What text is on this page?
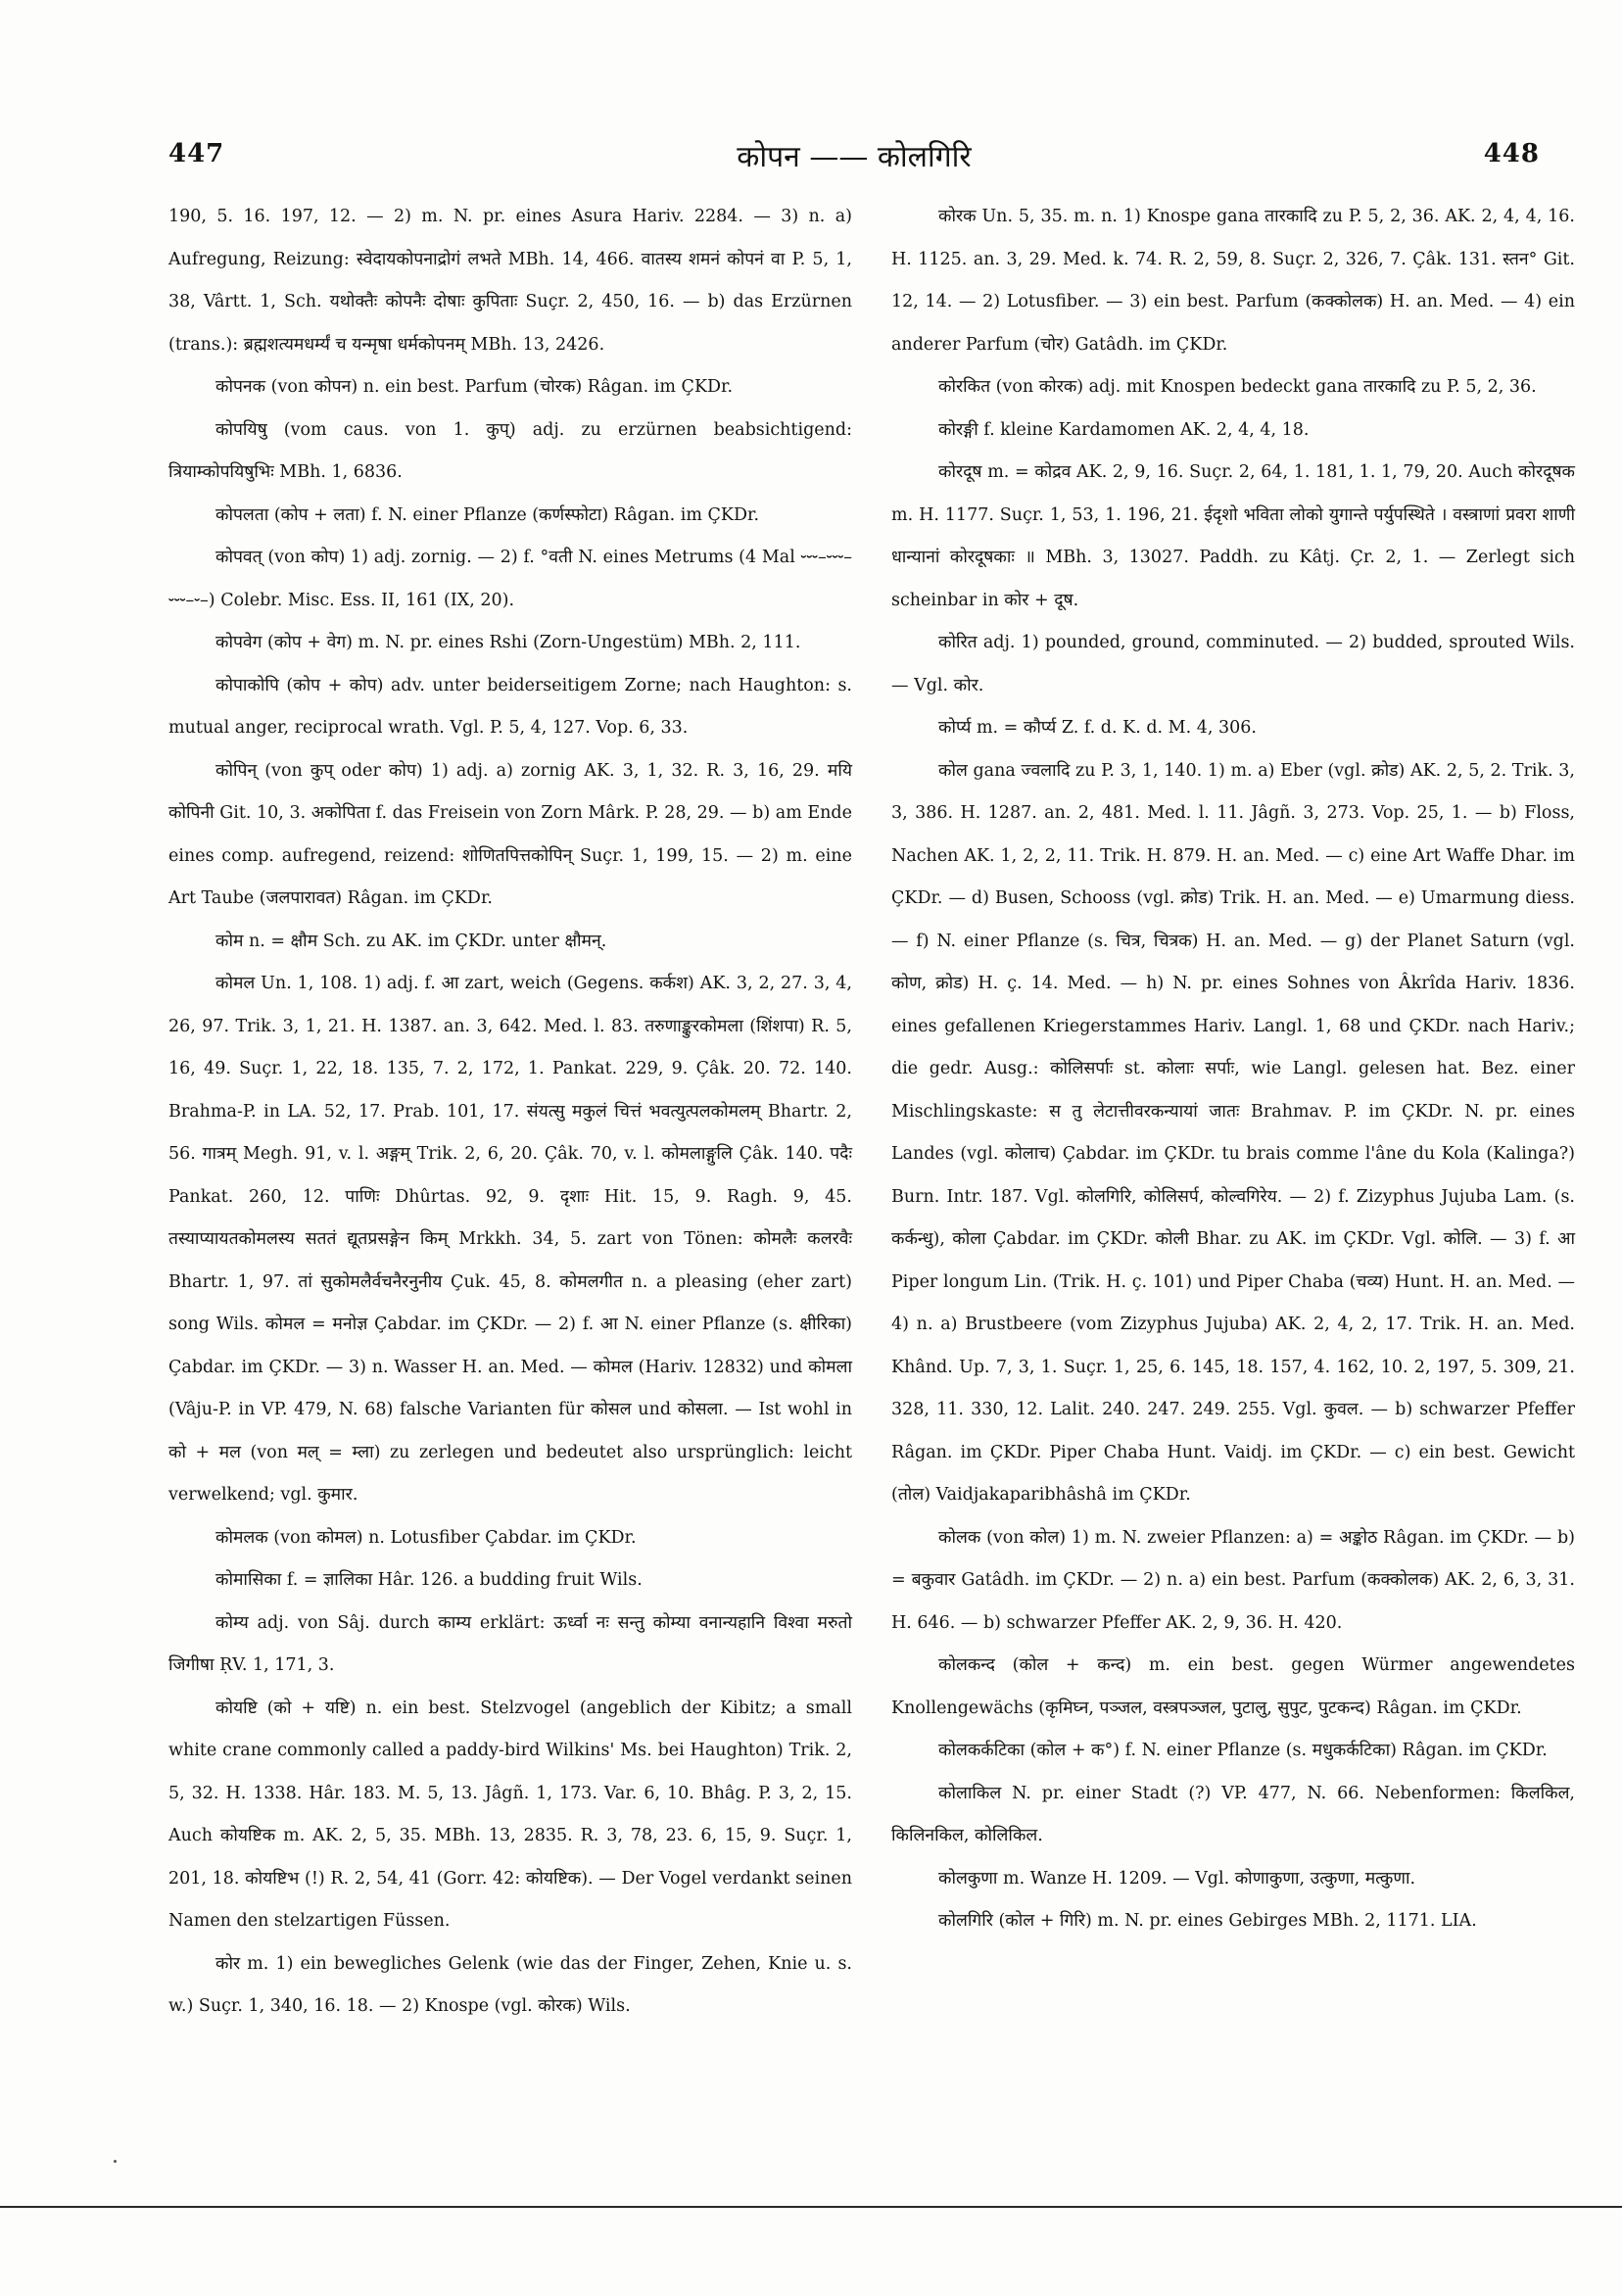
447	कोपन —— कोलगिरि	448

190, 5. 16. 197, 12. — 2) m. N. pr. eines Asura Hariv. 2284. — 3) n. a) Aufregung, Reizung: स्वेदायकोपनाद्रोगं लभते MBh. 14, 466. वातस्य शमनं कोपनं वा P. 5, 1, 38, Vârtt. 1, Sch. यथोक्तैः कोपनैः दोषाः कुपिताः Suçr. 2, 450, 16. — b) das Erzürnen (trans.): ब्रह्मशत्यमधर्म्यं च यन्मृषा धर्मकोपनम् MBh. 13, 2426.

कोपनक (von कोपन) n. ein best. Parfum (चोरक) Râgan. im ÇKDr.

कोपयिषु (vom caus. von 1. कुप्) adj. zu erzürnen beabsichtigend: त्रियाम्कोपयिषुभिः MBh. 1, 6836.

कोपलता (कोप + लता) f. N. einer Pflanze (कर्णस्फोटा) Râgan. im ÇKDr.

कोपवत् (von कोप) 1) adj. zornig. — 2) f. °वती N. eines Metrums (4 Mal ⏑⏑⏑–⏑⏑⏑–⏑⏑⏑–⏑–) Colebr. Misc. Ess. II, 161 (IX, 20).

कोपवेग (कोप + वेग) m. N. pr. eines Rshi (Zorn-Ungestüm) MBh. 2, 111.

कोपाकोपि (कोप + कोप) adv. unter beiderseitigem Zorne; nach Haughton: s. mutual anger, reciprocal wrath. Vgl. P. 5, 4, 127. Vop. 6, 33.

कोपिन् (von कुप् oder कोप) 1) adj. a) zornig AK. 3, 1, 32. R. 3, 16, 29. मयि कोपिनी Git. 10, 3. अकोपिता f. das Freisein von Zorn Mârk. P. 28, 29. — b) am Ende eines comp. aufregend, reizend: शोणितपित्तकोपिन् Suçr. 1, 199, 15. — 2) m. eine Art Taube (जलपारावत) Râgan. im ÇKDr.

कोम n. = क्षौम Sch. zu AK. im ÇKDr. unter क्षौमन्.

कोमल Un. 1, 108. 1) adj. f. आ zart, weich (Gegens. कर्कश) AK. 3, 2, 27. 3, 4, 26, 97. Trik. 3, 1, 21. H. 1387. an. 3, 642. Med. l. 83. तरुणाङ्कुरकोमला (शिंशपा) R. 5, 16, 49. Suçr. 1, 22, 18. 135, 7. 2, 172, 1. Pankat. 229, 9. Çâk. 20. 72. 140. Brahma-P. in LA. 52, 17. Prab. 101, 17. संयत्सु मकुलं चित्तं भवत्युत्पलकोमलम् Bhartr. 2, 56. गात्रम् Megh. 91, v. l. अङ्गम् Trik. 2, 6, 20. Çâk. 70, v. l. कोमलाङ्गुलि Çâk. 140. पदैः Pankat. 260, 12. पाणिः Dhûrtas. 92, 9. दृशाः Hit. 15, 9. Ragh. 9, 45. तस्याप्यायतकोमलस्य सततं द्यूतप्रसङ्गेन किम् Mrkkh. 34, 5. zart von Tönen: कोमलैः कलरवैः Bhartr. 1, 97. तां सुकोमलैर्वचनैरनुनीय Çuk. 45, 8. कोमलगीत n. a pleasing (eher zart) song Wils. कोमल = मनोज्ञ Çabdar. im ÇKDr. — 2) f. आ N. einer Pflanze (s. क्षीरिका) Çabdar. im ÇKDr. — 3) n. Wasser H. an. Med. — कोमल (Hariv. 12832) und कोमला (Vâju-P. in VP. 479, N. 68) falsche Varianten für कोसल und कोसला. — Ist wohl in को + मल (von मल् = म्ला) zu zerlegen und bedeutet also ursprünglich: leicht verwelkend; vgl. कुमार.

कोमलक (von कोमल) n. Lotusfiber Çabdar. im ÇKDr.

कोमासिका f. = ज्ञालिका Hâr. 126. a budding fruit Wils.

कोम्य adj. von Sâj. durch काम्य erklärt: ऊर्ध्वा नः सन्तु कोम्या वनान्यहानि विश्वा मरुतो जिगीषा ṚV. 1, 171, 3.

कोयष्टि (को + यष्टि) n. ein best. Stelzvogel (angeblich der Kibitz; a small white crane commonly called a paddy-bird Wilkins' Ms. bei Haughton) Trik. 2, 5, 32. H. 1338. Hâr. 183. M. 5, 13. Jâgñ. 1, 173. Var. 6, 10. Bhâg. P. 3, 2, 15. Auch कोयष्टिक m. AK. 2, 5, 35. MBh. 13, 2835. R. 3, 78, 23. 6, 15, 9. Suçr. 1, 201, 18. कोयष्टिभ (!) R. 2, 54, 41 (Gorr. 42: कोयष्टिक). — Der Vogel verdankt seinen Namen den stelzartigen Füssen.

कोर m. 1) ein bewegliches Gelenk (wie das der Finger, Zehen, Knie u. s. w.) Suçr. 1, 340, 16. 18. — 2) Knospe (vgl. कोरक) Wils.

कोरक Un. 5, 35. m. n. 1) Knospe gana तारकादि zu P. 5, 2, 36. AK. 2, 4, 4, 16. H. 1125. an. 3, 29. Med. k. 74. R. 2, 59, 8. Suçr. 2, 326, 7. Çâk. 131. स्तन° Git. 12, 14. — 2) Lotusfiber. — 3) ein best. Parfum (कक्कोलक) H. an. Med. — 4) ein anderer Parfum (चोर) Gatâdh. im ÇKDr.

कोरकित (von कोरक) adj. mit Knospen bedeckt gana तारकादि zu P. 5, 2, 36.

कोरङ्गी f. kleine Kardamomen AK. 2, 4, 4, 18.

कोरदूष m. = कोद्रव AK. 2, 9, 16. Suçr. 2, 64, 1. 181, 1. 1, 79, 20. Auch कोरदूषक m. H. 1177. Suçr. 1, 53, 1. 196, 21. ईदृशो भविता लोको युगान्ते पर्युपस्थिते । वस्त्राणां प्रवरा शाणी धान्यानां कोरदूषकाः ॥ MBh. 3, 13027. Paddh. zu Kâtj. Çr. 2, 1. — Zerlegt sich scheinbar in कोर + दूष.

कोरित adj. 1) pounded, ground, comminuted. — 2) budded, sprouted Wils. — Vgl. कोर.

कोर्प्य m. = कौर्प्य Z. f. d. K. d. M. 4, 306.

कोल gana ज्वलादि zu P. 3, 1, 140. 1) m. a) Eber (vgl. क्रोड) AK. 2, 5, 2. Trik. 3, 3, 386. H. 1287. an. 2, 481. Med. l. 11. Jâgñ. 3, 273. Vop. 25, 1. — b) Floss, Nachen AK. 1, 2, 2, 11. Trik. H. 879. H. an. Med. — c) eine Art Waffe Dhar. im ÇKDr. — d) Busen, Schooss (vgl. क्रोड) Trik. H. an. Med. — e) Umarmung diess. — f) N. einer Pflanze (s. चित्र, चित्रक) H. an. Med. — g) der Planet Saturn (vgl. कोण, क्रोड) H. ç. 14. Med. — h) N. pr. eines Sohnes von Âkrîda Hariv. 1836. eines gefallenen Kriegerstammes Hariv. Langl. 1, 68 und ÇKDr. nach Hariv.; die gedr. Ausg.: कोलिसर्पाः st. कोलाः सर्पाः, wie Langl. gelesen hat. Bez. einer Mischlingskaste: स तु लेटात्तीवरकन्यायां जातः Brahmav. P. im ÇKDr. N. pr. eines Landes (vgl. कोलाच) Çabdar. im ÇKDr. tu brais comme l'âne du Kola (Kalinga?) Burn. Intr. 187. Vgl. कोलगिरि, कोलिसर्प, कोल्वगिरेय. — 2) f. Zizyphus Jujuba Lam. (s. कर्कन्धु), कोला Çabdar. im ÇKDr. कोली Bhar. zu AK. im ÇKDr. Vgl. कोलि. — 3) f. आ Piper longum Lin. (Trik. H. ç. 101) und Piper Chaba (चव्य) Hunt. H. an. Med. — 4) n. a) Brustbeere (vom Zizyphus Jujuba) AK. 2, 4, 2, 17. Trik. H. an. Med. Khând. Up. 7, 3, 1. Suçr. 1, 25, 6. 145, 18. 157, 4. 162, 10. 2, 197, 5. 309, 21. 328, 11. 330, 12. Lalit. 240. 247. 249. 255. Vgl. कुवल. — b) schwarzer Pfeffer Râgan. im ÇKDr. Piper Chaba Hunt. Vaidj. im ÇKDr. — c) ein best. Gewicht (तोल) Vaidjakaparibhâshâ im ÇKDr.

कोलक (von कोल) 1) m. N. zweier Pflanzen: a) = अङ्कोठ Râgan. im ÇKDr. — b) = बकुवार Gatâdh. im ÇKDr. — 2) n. a) ein best. Parfum (कक्कोलक) AK. 2, 6, 3, 31. H. 646. — b) schwarzer Pfeffer AK. 2, 9, 36. H. 420.

कोलकन्द (कोल + कन्द) m. ein best. gegen Würmer angewendetes Knollengewächs (कृमिघ्न, पञ्जल, वस्त्रपञ्जल, पुटालु, सुपुट, पुटकन्द) Râgan. im ÇKDr.

कोलकर्कटिका (कोल + क°) f. N. einer Pflanze (s. मधुकर्कटिका) Râgan. im ÇKDr.

कोलाकिल N. pr. einer Stadt (?) VP. 477, N. 66. Nebenformen: किलकिल, किलिनकिल, कोलिकिल.

कोलकुणा m. Wanze H. 1209. — Vgl. कोणाकुणा, उत्कुणा, मत्कुणा.

कोलगिरि (कोल + गिरि) m. N. pr. eines Gebirges MBh. 2, 1171. LIA.
